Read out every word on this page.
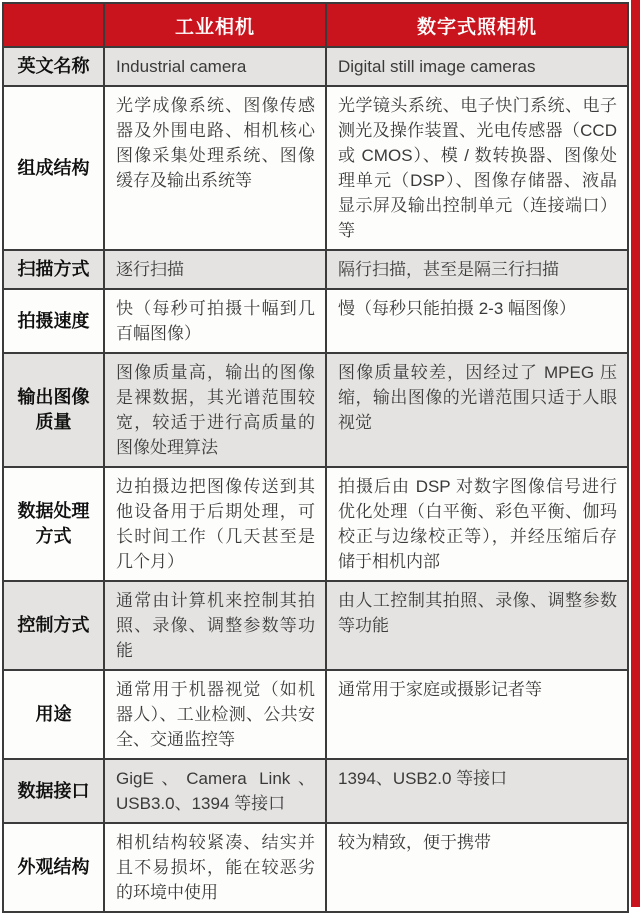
	工业相机	数字式照相机
英文名称	Industrial camera	Digital still image cameras
组成结构	光学成像系统、图像传感器及外围电路、相机核心图像采集处理系统、图像缓存及输出系统等	光学镜头系统、电子快门系统、电子测光及操作装置、光电传感器（CCD 或 CMOS）、模 / 数转换器、图像处理单元（DSP）、图像存储器、液晶显示屏及输出控制单元（连接端口）等
扫描方式	逐行扫描	隔行扫描，甚至是隔三行扫描
拍摄速度	快（每秒可拍摄十幅到几百幅图像）	慢（每秒只能拍摄 2-3 幅图像）
输出图像质量	图像质量高，输出的图像是裸数据，其光谱范围较宽，较适于进行高质量的图像处理算法	图像质量较差，因经过了 MPEG 压缩，输出图像的光谱范围只适于人眼视觉
数据处理方式	边拍摄边把图像传送到其他设备用于后期处理，可长时间工作（几天甚至是几个月）	拍摄后由 DSP 对数字图像信号进行优化处理（白平衡、彩色平衡、伽玛校正与边缘校正等），并经压缩后存储于相机内部
控制方式	通常由计算机来控制其拍照、录像、调整参数等功能	由人工控制其拍照、录像、调整参数等功能
用途	通常用于机器视觉（如机器人）、工业检测、公共安全、交通监控等	通常用于家庭或摄影记者等
数据接口	GigE、Camera Link、USB3.0、1394 等接口	1394、USB2.0 等接口
外观结构	相机结构较紧凑、结实并且不易损坏，能在较恶劣的环境中使用	较为精致，便于携带
